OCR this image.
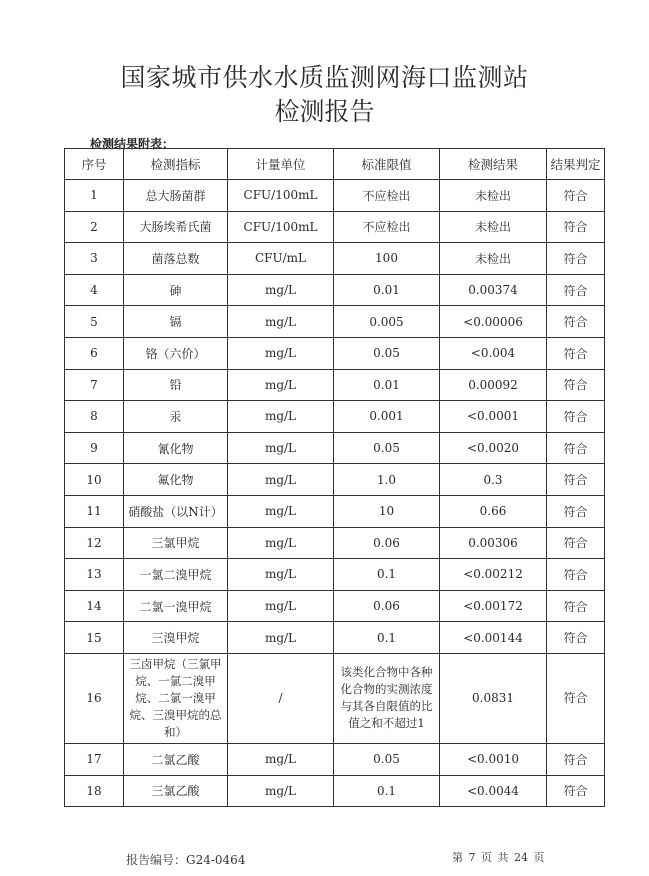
国家城市供水水质监测网海口监测站
检测报告
检测结果附表：
序号	检测指标	计量单位	标准限值	检测结果	结果判定
1	总大肠菌群	CFU/100mL	不应检出	未检出	符合
2	大肠埃希氏菌	CFU/100mL	不应检出	未检出	符合
3	菌落总数	CFU/mL	100	未检出	符合
4	砷	mg/L	0.01	0.00374	符合
5	镉	mg/L	0.005	<0.00006	符合
6	铬（六价）	mg/L	0.05	<0.004	符合
7	铅	mg/L	0.01	0.00092	符合
8	汞	mg/L	0.001	<0.0001	符合
9	氰化物	mg/L	0.05	<0.0020	符合
10	氟化物	mg/L	1.0	0.3	符合
11	硝酸盐（以N计）	mg/L	10	0.66	符合
12	三氯甲烷	mg/L	0.06	0.00306	符合
13	一氯二溴甲烷	mg/L	0.1	<0.00212	符合
14	二氯一溴甲烷	mg/L	0.06	<0.00172	符合
15	三溴甲烷	mg/L	0.1	<0.00144	符合
16	三卤甲烷（三氯甲烷、一氯二溴甲烷、二氯一溴甲烷、三溴甲烷的总和）	/	该类化合物中各种化合物的实测浓度与其各自限值的比值之和不超过1	0.0831	符合
17	二氯乙酸	mg/L	0.05	<0.0010	符合
18	三氯乙酸	mg/L	0.1	<0.0044	符合
报告编号：G24-0464	第 7 页 共 24 页
